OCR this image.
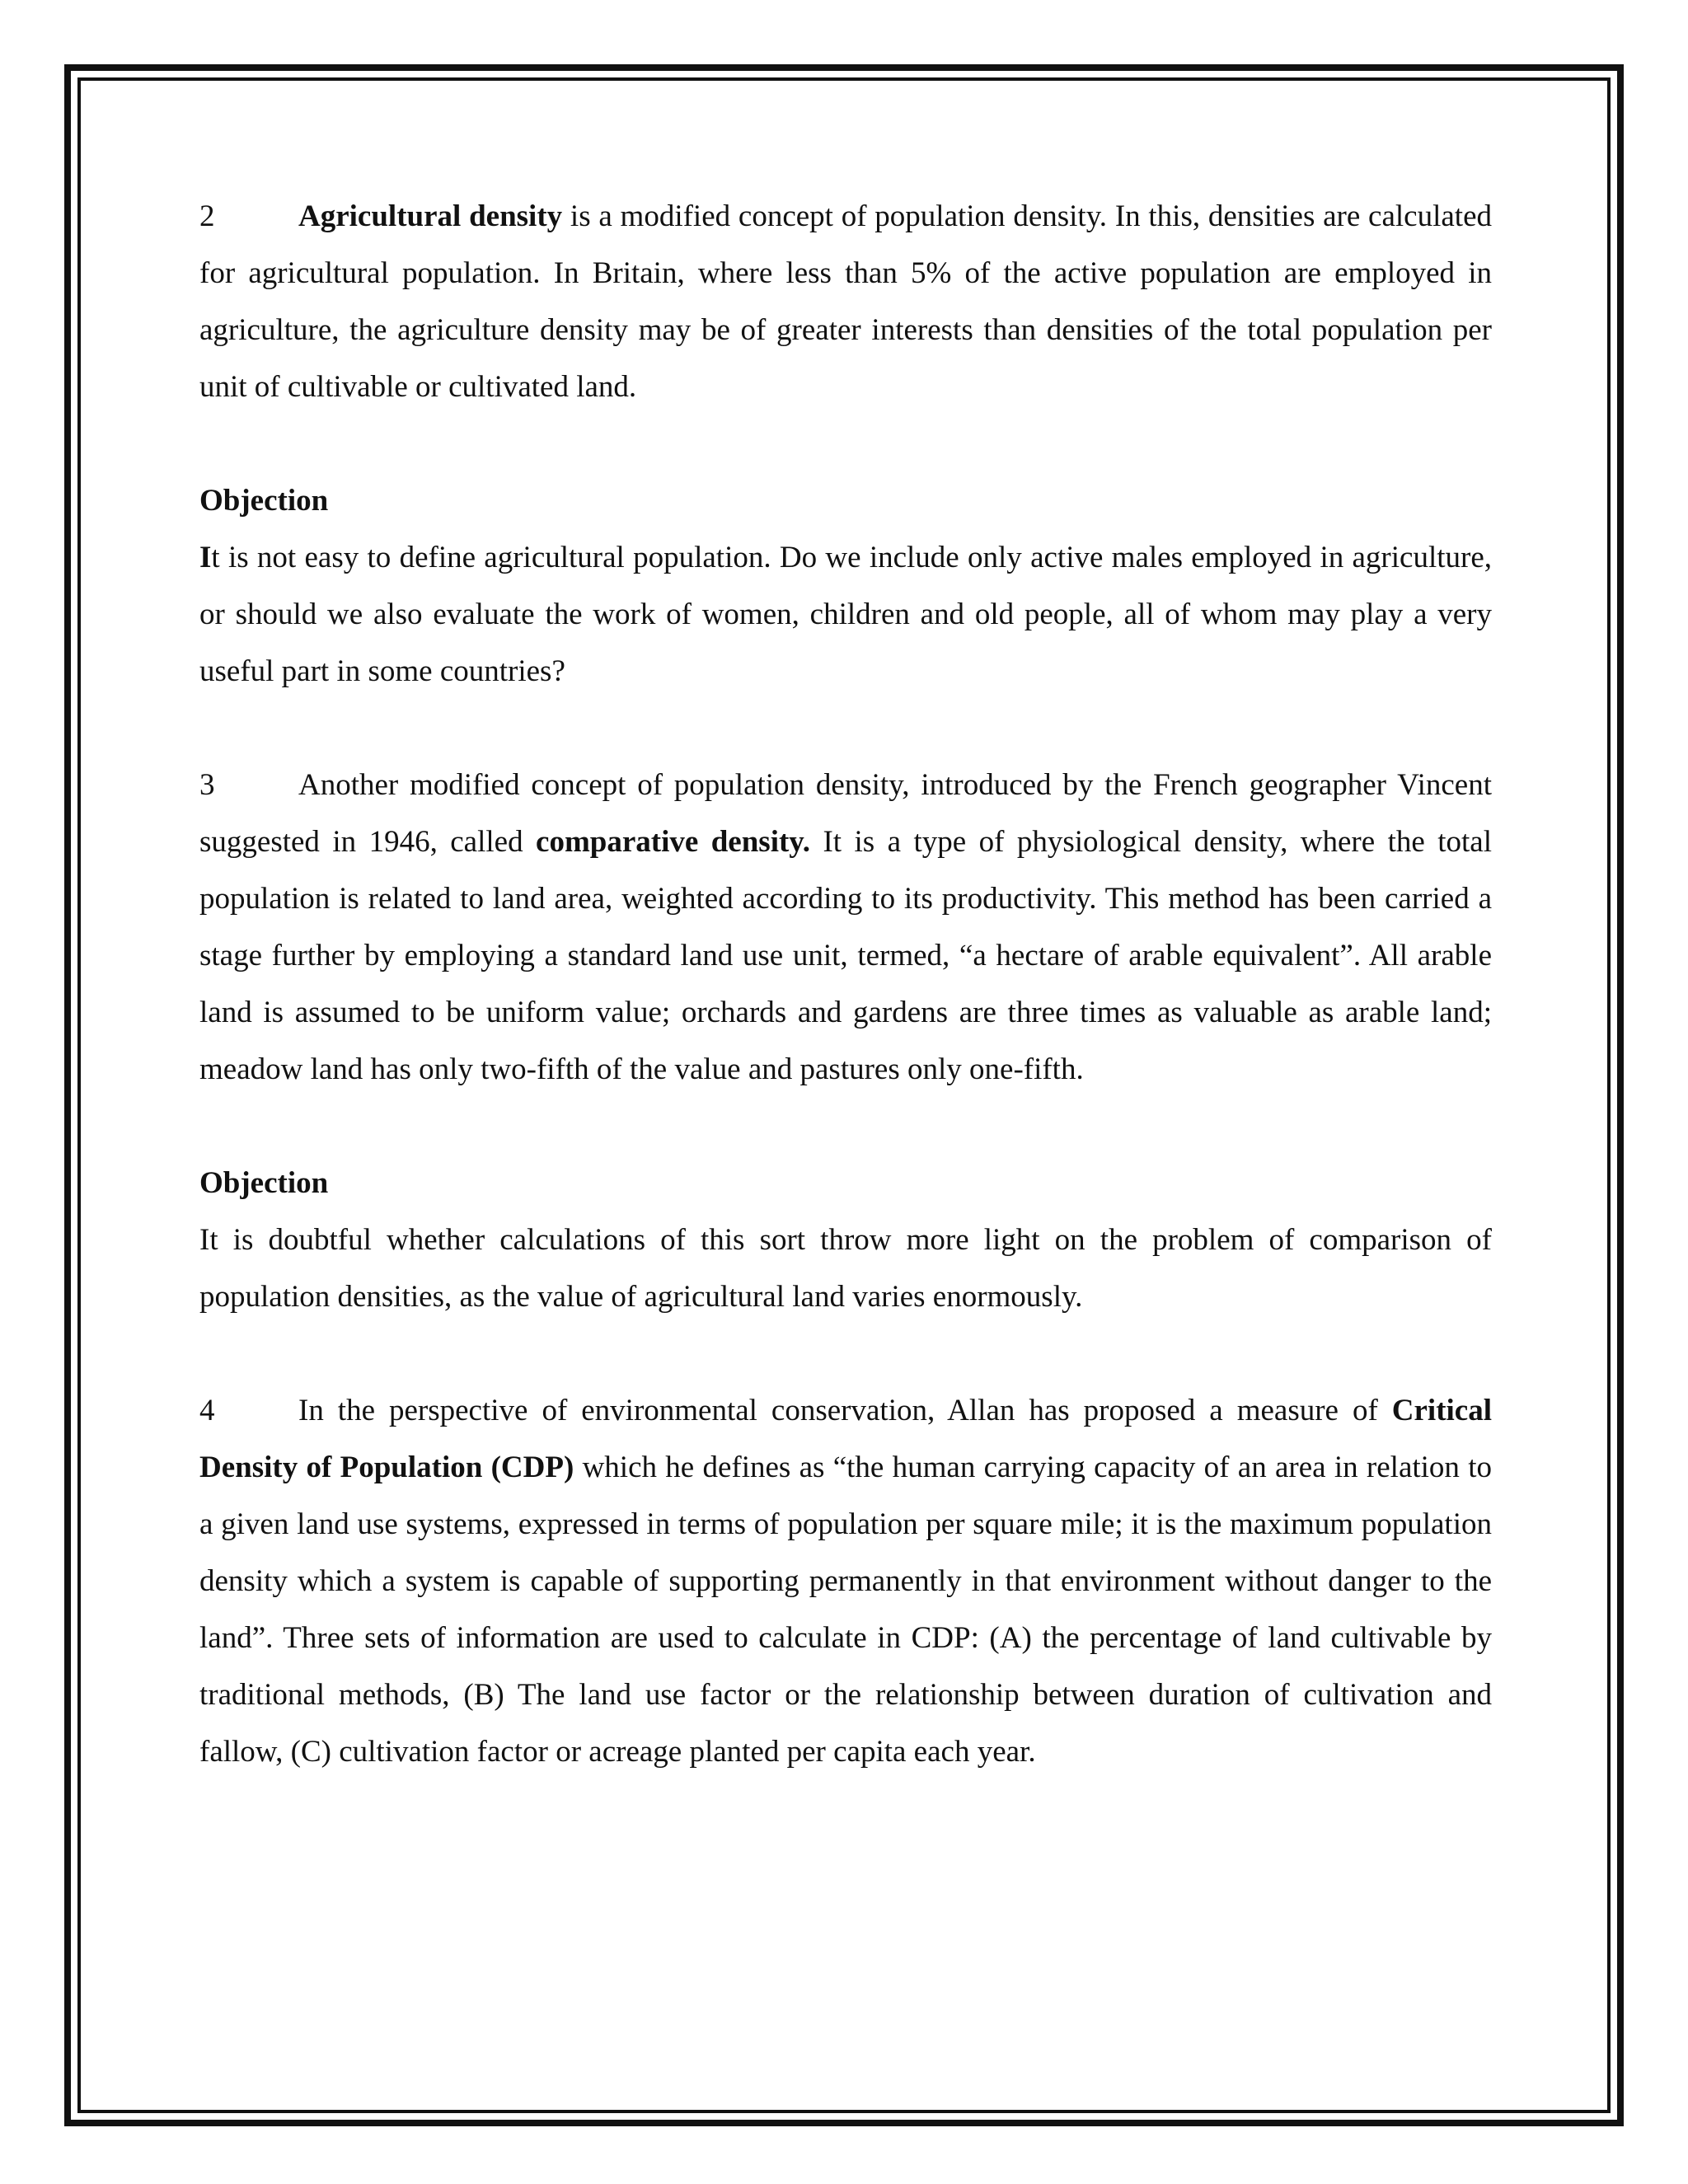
2	Agricultural density is a modified concept of population density. In this, densities are calculated for agricultural population. In Britain, where less than 5% of the active population are employed in agriculture, the agriculture density may be of greater interests than densities of the total population per unit of cultivable or cultivated land.

Objection

It is not easy to define agricultural population. Do we include only active males employed in agriculture, or should we also evaluate the work of women, children and old people, all of whom may play a very useful part in some countries?

3	Another modified concept of population density, introduced by the French geographer Vincent suggested in 1946, called comparative density. It is a type of physiological density, where the total population is related to land area, weighted according to its productivity. This method has been carried a stage further by employing a standard land use unit, termed, “a hectare of arable equivalent”. All arable land is assumed to be uniform value; orchards and gardens are three times as valuable as arable land; meadow land has only two-fifth of the value and pastures only one-fifth.

Objection

It is doubtful whether calculations of this sort throw more light on the problem of comparison of population densities, as the value of agricultural land varies enormously.

4	In the perspective of environmental conservation, Allan has proposed a measure of Critical Density of Population (CDP) which he defines as “the human carrying capacity of an area in relation to a given land use systems, expressed in terms of population per square mile; it is the maximum population density which a system is capable of supporting permanently in that environment without danger to the land”. Three sets of information are used to calculate in CDP: (A) the percentage of land cultivable by traditional methods, (B) The land use factor or the relationship between duration of cultivation and fallow, (C) cultivation factor or acreage planted per capita each year.
